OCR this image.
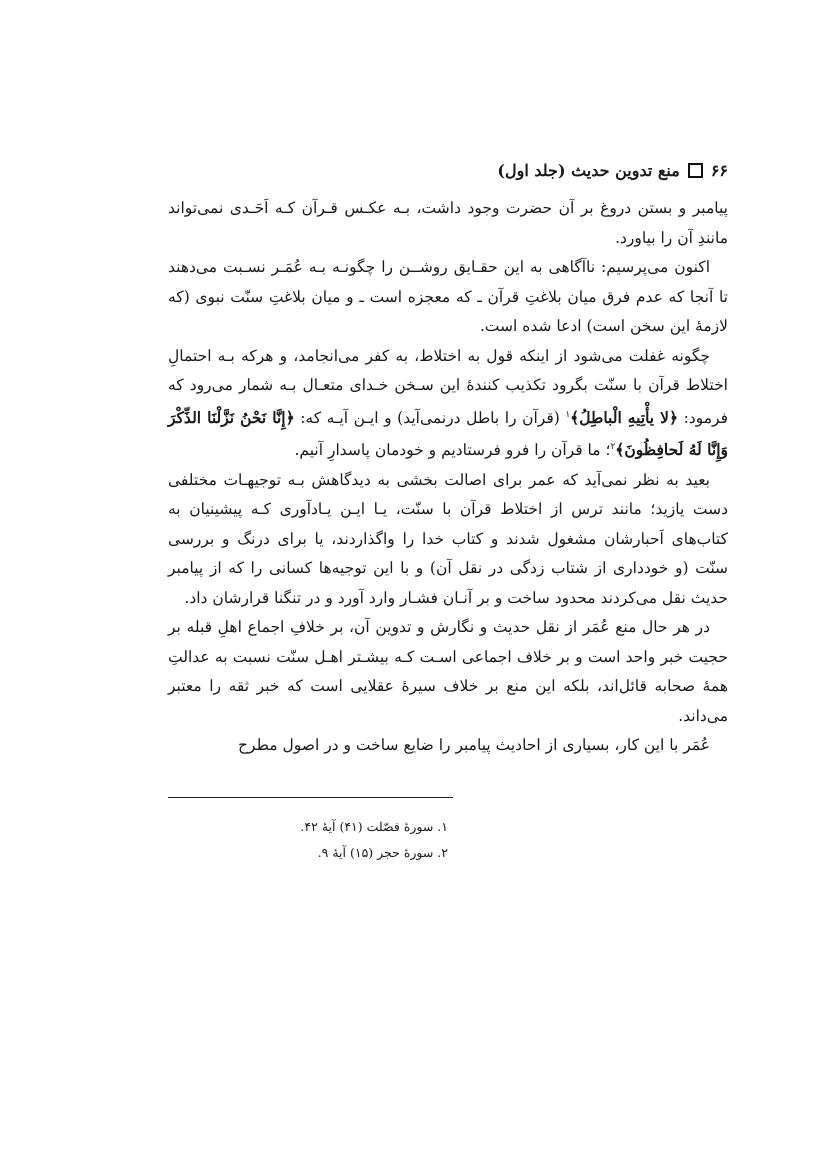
۶۶
منع تدوين حديث (جلد اول)

پیامبر و بستن دروغ بر آن حضرت وجود داشت، بـه عکـس قـرآن کـه اَحَـدی نمی‌تواند مانندِ آن را بیاورد.

اکنون می‌پرسیم: ناآگاهی به این حقـایق روشــن را چگونـه بـه عُمَـر نسـبت می‌دهند تا آنجا که عدم فرق میان بلاغتِ قرآن ـ که معجزه است ـ و میان بلاغتِ سنّت نبوی (که لازمهٔ این سخن است) ادعا شده است.

چگونه غفلت می‌شود از اینکه قول به اختلاط، به کفر می‌انجامد، و هرکه بـه احتمالِ اختلاط قرآن با سنّت بگرود تکذیب کنندهٔ این سـخن خـدای متعـال بـه شمار می‌رود که فرمود: ﴿لا يأْتِيهِ الْباطِلُ﴾$^۱$ (قرآن را باطل درنمی‌آید) و ایـن آیـه که: ﴿إِنَّا نَحْنُ نَزَّلْنَا الذِّكْرَ وَإِنَّا لَهُ لَحافِظُونَ﴾$^۲$؛ ما قرآن را فرو فرستادیم و خودمان پاسدارِ آنیم.

بعید به نظر نمی‌آید که عمر برای اصالت بخشی به دیدگاهش بـه توجیهـات مختلفی دست یازید؛ مانند ترس از اختلاط قرآن با سنّت، یـا ایـن یـادآوری کـه پیشینیان به کتاب‌های اَحبارشان مشغول شدند و کتاب خدا را واگذاردند، یا برای درنگ و بررسی سنّت (و خودداری از شتاب زدگی در نقل آن) و با این توجیه‌ها کسانی را که از پیامبر حدیث نقل می‌کردند محدود ساخت و بر آنـان فشـار وارد آورد و در تنگنا قرارشان داد.

در هر حال منع عُمَر از نقل حدیث و نگارش و تدوین آن، بر خلافِ اجماع اهلِ قبله بر حجیت خبر واحد است و بر خلاف اجماعی اسـت کـه بیشـتر اهـل سنّت نسبت به عدالتِ همهٔ صحابه قائل‌اند، بلکه این منع بر خلاف سیرهٔ عقلایی است که خبر ثقه را معتبر می‌داند.

عُمَر با این کار، بسیاری از احادیث پیامبر را ضایع ساخت و در اصول مطرح

۱. سورهٔ فصّلت (۴۱) آیهٔ ۴۲.
۲. سورهٔ حجر (۱۵) آیهٔ ۹.
